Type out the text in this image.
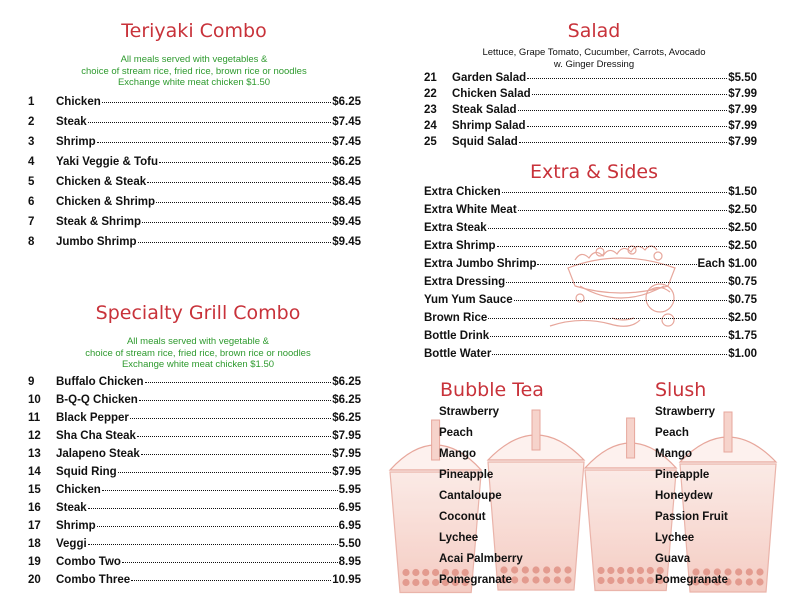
Teriyaki Combo
All meals served with vegetables &
choice of stream rice, fried rice, brown rice or noodles
Exchange white meat chicken $1.50
1	Chicken	$6.25
2	Steak	$7.45
3	Shrimp	$7.45
4	Yaki Veggie & Tofu	$6.25
5	Chicken & Steak	$8.45
6	Chicken & Shrimp	$8.45
7	Steak & Shrimp	$9.45
8	Jumbo Shrimp	$9.45
Specialty Grill Combo
All meals served with vegetable &
choice of stream rice, fried rice, brown rice or noodles
Exchange white meat chicken $1.50
9	Buffalo Chicken	$6.25
10	B-Q-Q Chicken	$6.25
11	Black Pepper	$6.25
12	Sha Cha Steak	$7.95
13	Jalapeno Steak	$7.95
14	Squid Ring	$7.95
15	Chicken	5.95
16	Steak	6.95
17	Shrimp	6.95
18	Veggi	5.50
19	Combo Two	8.95
20	Combo Three	10.95
Salad
Lettuce, Grape Tomato, Cucumber, Carrots, Avocado
w. Ginger Dressing
21	Garden Salad	$5.50
22	Chicken Salad	$7.99
23	Steak Salad	$7.99
24	Shrimp Salad	$7.99
25	Squid Salad	$7.99
Extra & Sides
Extra Chicken	$1.50
Extra White Meat	$2.50
Extra Steak	$2.50
Extra Shrimp	$2.50
Extra Jumbo Shrimp	Each $1.00
Extra Dressing	$0.75
Yum Yum Sauce	$0.75
Brown Rice	$2.50
Bottle Drink	$1.75
Bottle Water	$1.00
Bubble Tea
Strawberry
Peach
Mango
Pineapple
Cantaloupe
Coconut
Lychee
Acai Palmberry
Pomegranate
Slush
Strawberry
Peach
Mango
Pineapple
Honeydew
Passion Fruit
Lychee
Guava
Pomegranate
